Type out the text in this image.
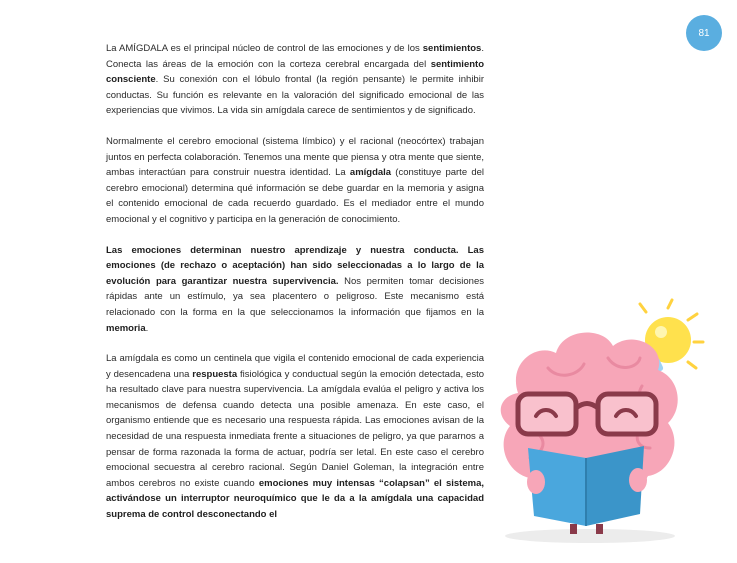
81

La AMÍGDALA es el principal núcleo de control de las emociones y de los sentimientos. Conecta las áreas de la emoción con la corteza cerebral encargada del sentimiento consciente. Su conexión con el lóbulo frontal (la región pensante) le permite inhibir conductas. Su función es relevante en la valoración del significado emocional de las experiencias que vivimos. La vida sin amígdala carece de sentimientos y de significado.

Normalmente el cerebro emocional (sistema límbico) y el racional (neocórtex) trabajan juntos en perfecta colaboración. Tenemos una mente que piensa y otra mente que siente, ambas interactúan para construir nuestra identidad. La amígdala (constituye parte del cerebro emocional) determina qué información se debe guardar en la memoria y asigna el contenido emocional de cada recuerdo guardado. Es el mediador entre el mundo emocional y el cognitivo y participa en la generación de conocimiento.

Las emociones determinan nuestro aprendizaje y nuestra conducta. Las emociones (de rechazo o aceptación) han sido seleccionadas a lo largo de la evolución para garantizar nuestra supervivencia. Nos permiten tomar decisiones rápidas ante un estímulo, ya sea placentero o peligroso. Este mecanismo está relacionado con la forma en la que seleccionamos la información que fijamos en la memoria.

La amígdala es como un centinela que vigila el contenido emocional de cada experiencia y desencadena una respuesta fisiológica y conductual según la emoción detectada, esto ha resultado clave para nuestra supervivencia. La amígdala evalúa el peligro y activa los mecanismos de defensa cuando detecta una posible amenaza. En este caso, el organismo entiende que es necesario una respuesta rápida. Las emociones avisan de la necesidad de una respuesta inmediata frente a situaciones de peligro, ya que pararnos a pensar de forma razonada la forma de actuar, podría ser letal. En este caso el cerebro emocional secuestra al cerebro racional. Según Daniel Goleman, la integración entre ambos cerebros no existe cuando emociones muy intensas “colapsan” el sistema, activándose un interruptor neuroquímico que le da a la amígdala una capacidad suprema de control desconectando el
